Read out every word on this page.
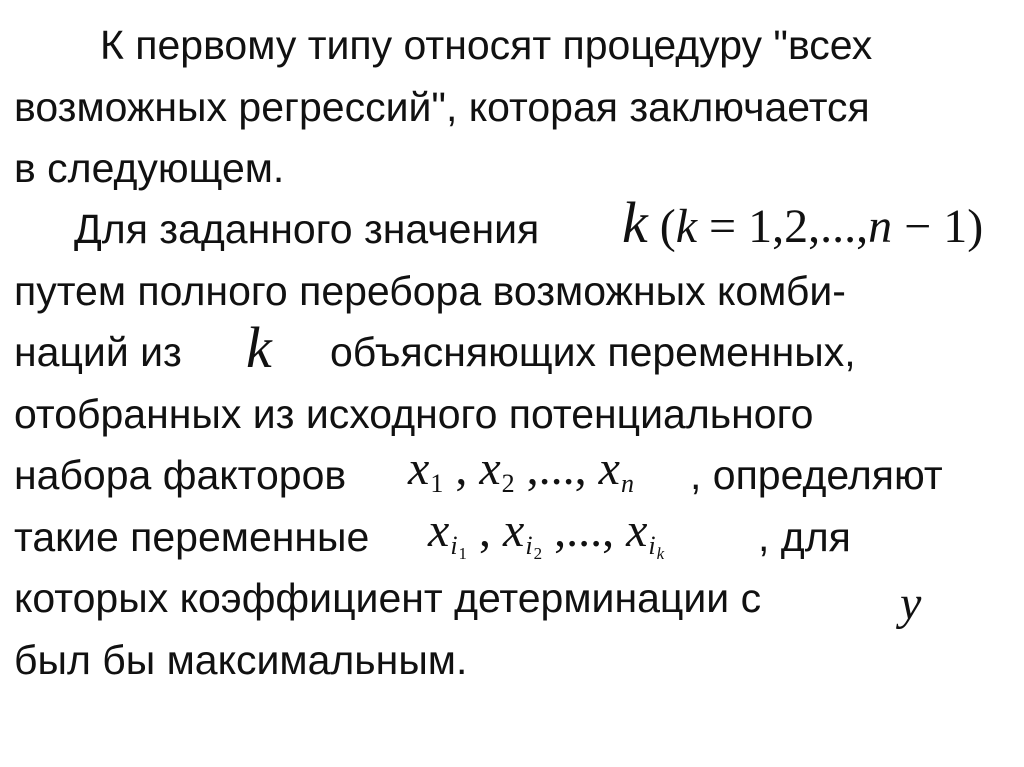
К первому типу относят процедуру "всех
возможных регрессий", которая заключается
в следующем.
Для заданного значения k (k = 1,2,...,n − 1)
путем полного перебора возможных комби-
наций из k объясняющих переменных,
отобранных из исходного потенциального
набора факторов x1 , x2 ,..., xn , определяют
такие переменные $xi_1$ , $xi_2$ ,..., $xi_k$ , для
которых коэффициент детерминации с	y
был бы максимальным.
